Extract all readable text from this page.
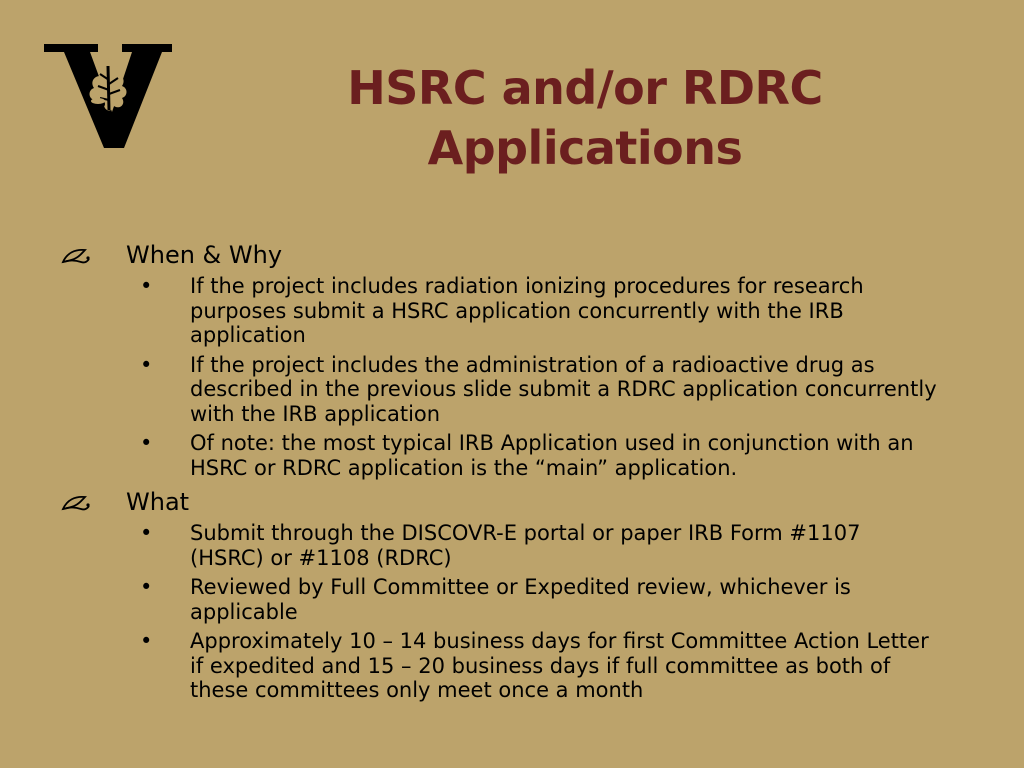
HSRC and/or RDRC
Applications
When & Why
• If the project includes radiation ionizing procedures for research purposes submit a HSRC application concurrently with the IRB application
• If the project includes the administration of a radioactive drug as described in the previous slide submit a RDRC application concurrently with the IRB application
• Of note: the most typical IRB Application used in conjunction with an HSRC or RDRC application is the “main” application.
What
• Submit through the DISCOVR-E portal or paper IRB Form #1107 (HSRC) or #1108 (RDRC)
• Reviewed by Full Committee or Expedited review, whichever is applicable
• Approximately 10 – 14 business days for first Committee Action Letter if expedited and 15 – 20 business days if full committee as both of these committees only meet once a month
